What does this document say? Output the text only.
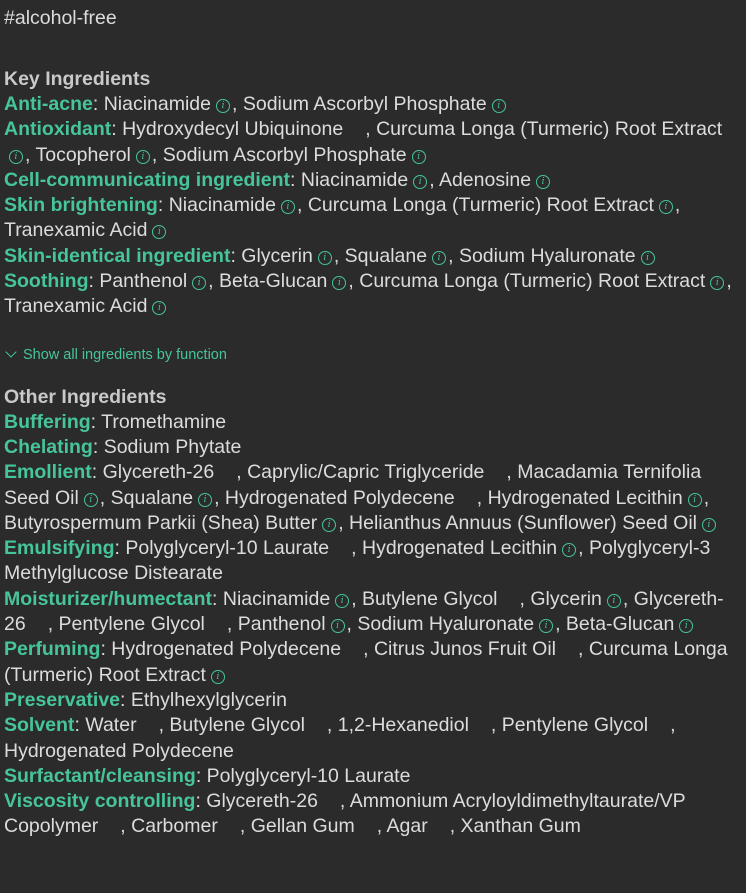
#alcohol-free
Key Ingredients
Anti-acne: Niacinamide i , Sodium Ascorbyl Phosphate i
Antioxidant: Hydroxydecyl Ubiquinone , Curcuma Longa (Turmeric) Root Extracti , Tocopherol i , Sodium Ascorbyl Phosphate i
Cell-communicating ingredient: Niacinamide i , Adenosine i
Skin brightening: Niacinamide i , Curcuma Longa (Turmeric) Root Extract i , Tranexamic Acid i
Skin-identical ingredient: Glycerin i , Squalane i , Sodium Hyaluronate i
Soothing: Panthenol i , Beta-Glucan i , Curcuma Longa (Turmeric) Root Extract i , Tranexamic Acid i
Show all ingredients by function
Other Ingredients
Buffering: Tromethamine
Chelating: Sodium Phytate
Emollient: Glycereth-26 , Caprylic/Capric Triglyceride , Macadamia Ternifolia Seed Oil i , Squalane i , Hydrogenated Polydecene , Hydrogenated Lecithin i , Butyrospermum Parkii (Shea) Butter i , Helianthus Annuus (Sunflower) Seed Oil i
Emulsifying: Polyglyceryl-10 Laurate , Hydrogenated Lecithin i , Polyglyceryl-3 Methylglucose Distearate
Moisturizer/humectant: Niacinamide i , Butylene Glycol , Glycerin i , Glycereth-26 , Pentylene Glycol , Panthenol i , Sodium Hyaluronate i , Beta-Glucan i
Perfuming: Hydrogenated Polydecene , Citrus Junos Fruit Oil , Curcuma Longa (Turmeric) Root Extract i
Preservative: Ethylhexylglycerin
Solvent: Water , Butylene Glycol , 1,2-Hexanediol , Pentylene Glycol , Hydrogenated Polydecene
Surfactant/cleansing: Polyglyceryl-10 Laurate
Viscosity controlling: Glycereth-26 , Ammonium Acryloyldimethyltaurate/VP Copolymer , Carbomer , Gellan Gum , Agar , Xanthan Gum
